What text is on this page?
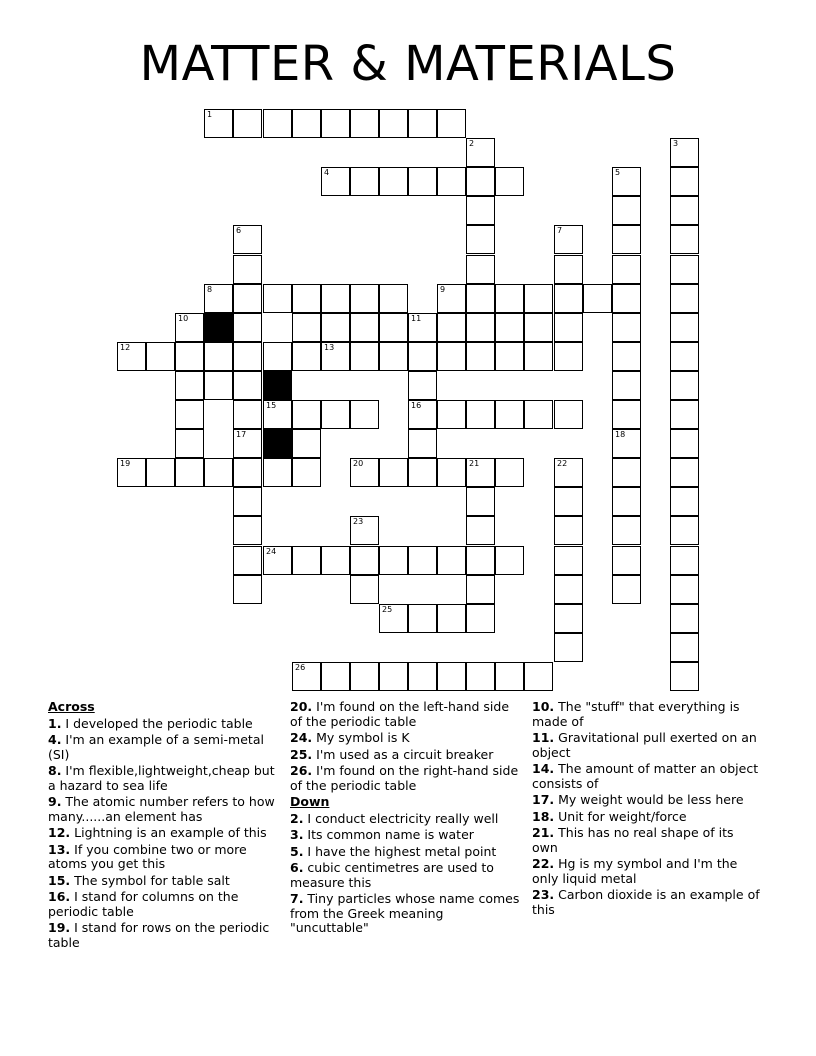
MATTER & MATERIALS
1
4
8	9
12	13
15	16
19	20	21
24
25
26
2	3
5
6
17
7
10	11
18
22
23
Across
1. I developed the periodic table
4. I'm an example of a semi-metal (SI)
8. I'm flexible,lightweight,cheap but a hazard to sea life
9. The atomic number refers to how many......an element has
12. Lightning is an example of this
13. If you combine two or more atoms you get this
15. The symbol for table salt
16. I stand for columns on the periodic table
19. I stand for rows on the periodic table
20. I'm found on the left-hand side of the periodic table
24. My symbol is K
25. I'm used as a circuit breaker
26. I'm found on the right-hand side of the periodic table
Down
2. I conduct electricity really well
3. Its common name is water
5. I have the highest metal point
6. cubic centimetres are used to measure this
7. Tiny particles whose name comes from the Greek meaning "uncuttable"
10. The "stuff" that everything is made of
11. Gravitational pull exerted on an object
14. The amount of matter an object consists of
17. My weight would be less here
18. Unit for weight/force
21. This has no real shape of its own
22. Hg is my symbol and I'm the only liquid metal
23. Carbon dioxide is an example of this
